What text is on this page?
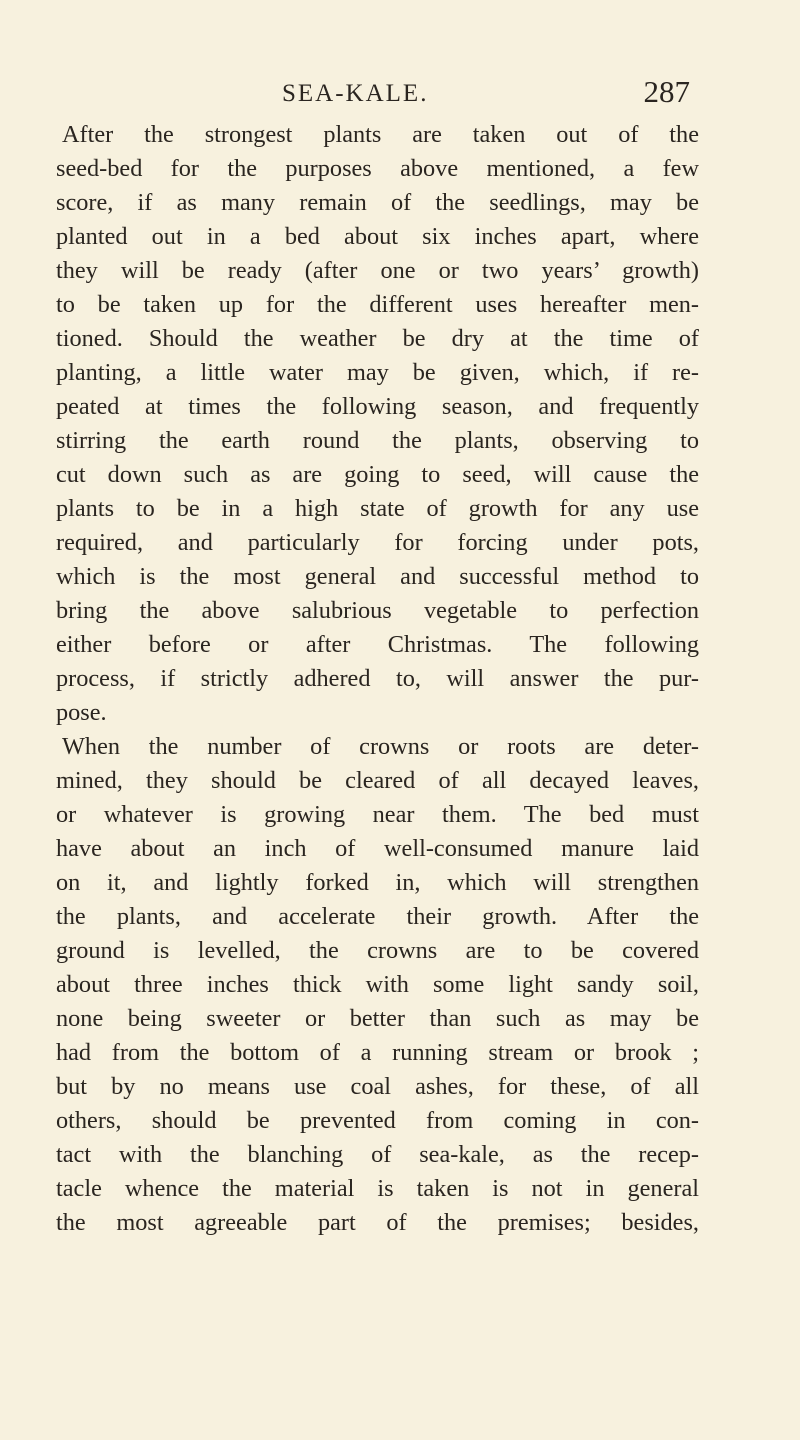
SEA-KALE.	287
After the strongest plants are taken out of the
seed-bed for the purposes above mentioned, a few
score, if as many remain of the seedlings, may be
planted out in a bed about six inches apart, where
they will be ready (after one or two years’ growth)
to be taken up for the different uses hereafter men-
tioned. Should the weather be dry at the time of
planting, a little water may be given, which, if re-
peated at times the following season, and frequently
stirring the earth round the plants, observing to
cut down such as are going to seed, will cause the
plants to be in a high state of growth for any use
required, and particularly for forcing under pots,
which is the most general and successful method to
bring the above salubrious vegetable to perfection
either before or after Christmas. The following
process, if strictly adhered to, will answer the pur-
pose.
When the number of crowns or roots are deter-
mined, they should be cleared of all decayed leaves,
or whatever is growing near them. The bed must
have about an inch of well-consumed manure laid
on it, and lightly forked in, which will strengthen
the plants, and accelerate their growth. After the
ground is levelled, the crowns are to be covered
about three inches thick with some light sandy soil,
none being sweeter or better than such as may be
had from the bottom of a running stream or brook ;
but by no means use coal ashes, for these, of all
others, should be prevented from coming in con-
tact with the blanching of sea-kale, as the recep-
tacle whence the material is taken is not in general
the most agreeable part of the premises; besides,
